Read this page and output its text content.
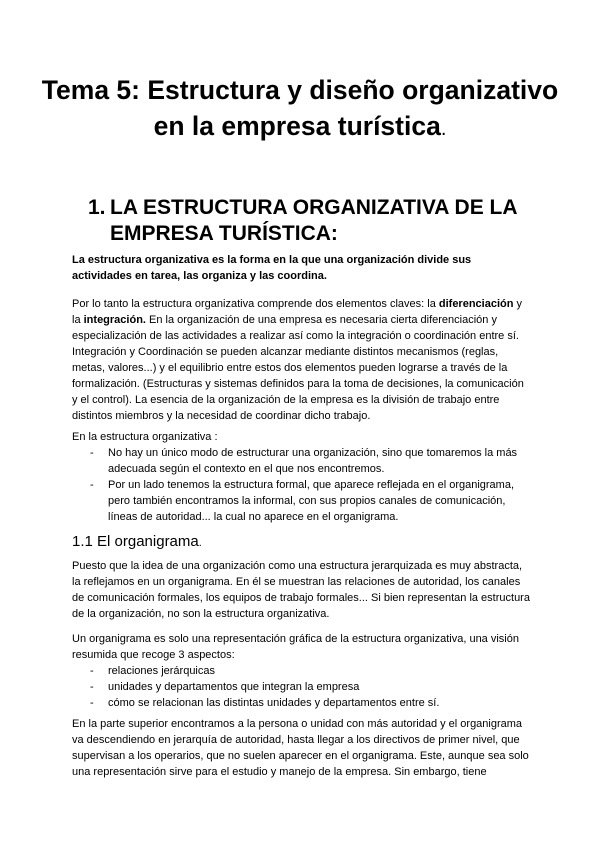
Tema 5: Estructura y diseño organizativo en la empresa turística.
1. LA ESTRUCTURA ORGANIZATIVA DE LA EMPRESA TURÍSTICA:

La estructura organizativa es la forma en la que una organización divide sus actividades en tarea, las organiza y las coordina.

Por lo tanto la estructura organizativa comprende dos elementos claves: la diferenciación y la integración. En la organización de una empresa es necesaria cierta diferenciación y especialización de las actividades a realizar así como la integración o coordinación entre sí. Integración y Coordinación se pueden alcanzar mediante distintos mecanismos (reglas, metas, valores...) y el equilibrio entre estos dos elementos pueden lograrse a través de la formalización. (Estructuras y sistemas definidos para la toma de decisiones, la comunicación y el control). La esencia de la organización de la empresa es la división de trabajo entre distintos miembros y la necesidad de coordinar dicho trabajo.

En la estructura organizativa :

- No hay un único modo de estructurar una organización, sino que tomaremos la más adecuada según el contexto en el que nos encontremos.
- Por un lado tenemos la estructura formal, que aparece reflejada en el organigrama, pero también encontramos la informal, con sus propios canales de comunicación, líneas de autoridad... la cual no aparece en el organigrama.
1.1 El organigrama.

Puesto que la idea de una organización como una estructura jerarquizada es muy abstracta, la reflejamos en un organigrama. En él se muestran las relaciones de autoridad, los canales de comunicación formales, los equipos de trabajo formales... Si bien representan la estructura de la organización, no son la estructura organizativa.

Un organigrama es solo una representación gráfica de la estructura organizativa, una visión resumida que recoge 3 aspectos:

- relaciones jerárquicas
- unidades y departamentos que integran la empresa
- cómo se relacionan las distintas unidades y departamentos entre sí.

En la parte superior encontramos a la persona o unidad con más autoridad y el organigrama va descendiendo en jerarquía de autoridad, hasta llegar a los directivos de primer nivel, que supervisan a los operarios, que no suelen aparecer en el organigrama. Este, aunque sea solo una representación sirve para el estudio y manejo de la empresa. Sin embargo, tiene
